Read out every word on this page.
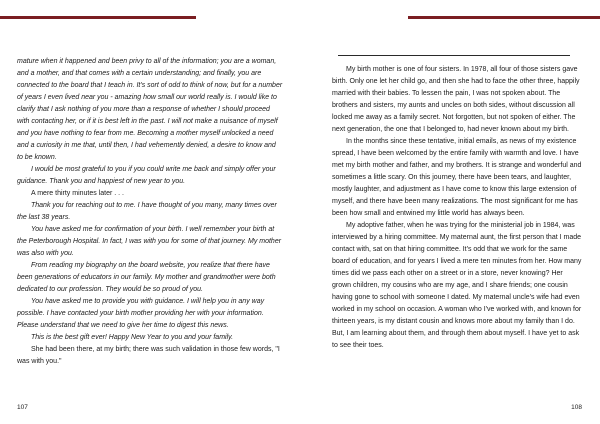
mature when it happened and been privy to all of the information; you are a woman, and a mother, and that comes with a certain understanding; and finally, you are connected to the board that I teach in. It's sort of odd to think of now, but for a number of years I even lived near you - amazing how small our world really is. I would like to clarify that I ask nothing of you more than a response of whether I should proceed with contacting her, or if it is best left in the past. I will not make a nuisance of myself and you have nothing to fear from me. Becoming a mother myself unlocked a need and a curiosity in me that, until then, I had vehemently denied, a desire to know and to be known.

I would be most grateful to you if you could write me back and simply offer your guidance. Thank you and happiest of new year to you.

A mere thirty minutes later . . .

Thank you for reaching out to me. I have thought of you many, many times over the last 38 years.

You have asked me for confirmation of your birth. I well remember your birth at the Peterborough Hospital. In fact, I was with you for some of that journey. My mother was also with you.

From reading my biography on the board website, you realize that there have been generations of educators in our family. My mother and grandmother were both dedicated to our profession. They would be so proud of you.

You have asked me to provide you with guidance. I will help you in any way possible. I have contacted your birth mother providing her with your information. Please understand that we need to give her time to digest this news.

This is the best gift ever! Happy New Year to you and your family.

She had been there, at my birth; there was such validation in those few words, "I was with you."

107

My birth mother is one of four sisters. In 1978, all four of those sisters gave birth. Only one let her child go, and then she had to face the other three, happily married with their babies. To lessen the pain, I was not spoken about. The brothers and sisters, my aunts and uncles on both sides, without discussion all locked me away as a family secret. Not forgotten, but not spoken of either. The next generation, the one that I belonged to, had never known about my birth.

In the months since these tentative, initial emails, as news of my existence spread, I have been welcomed by the entire family with warmth and love. I have met my birth mother and father, and my brothers. It is strange and wonderful and sometimes a little scary. On this journey, there have been tears, and laughter, mostly laughter, and adjustment as I have come to know this large extension of myself, and there have been many realizations. The most significant for me has been how small and entwined my little world has always been.

My adoptive father, when he was trying for the ministerial job in 1984, was interviewed by a hiring committee. My maternal aunt, the first person that I made contact with, sat on that hiring committee. It's odd that we work for the same board of education, and for years I lived a mere ten minutes from her. How many times did we pass each other on a street or in a store, never knowing? Her grown children, my cousins who are my age, and I share friends; one cousin having gone to school with someone I dated. My maternal uncle's wife had even worked in my school on occasion. A woman who I've worked with, and known for thirteen years, is my distant cousin and knows more about my family than I do. But, I am learning about them, and through them about myself. I have yet to ask to see their toes.

108
